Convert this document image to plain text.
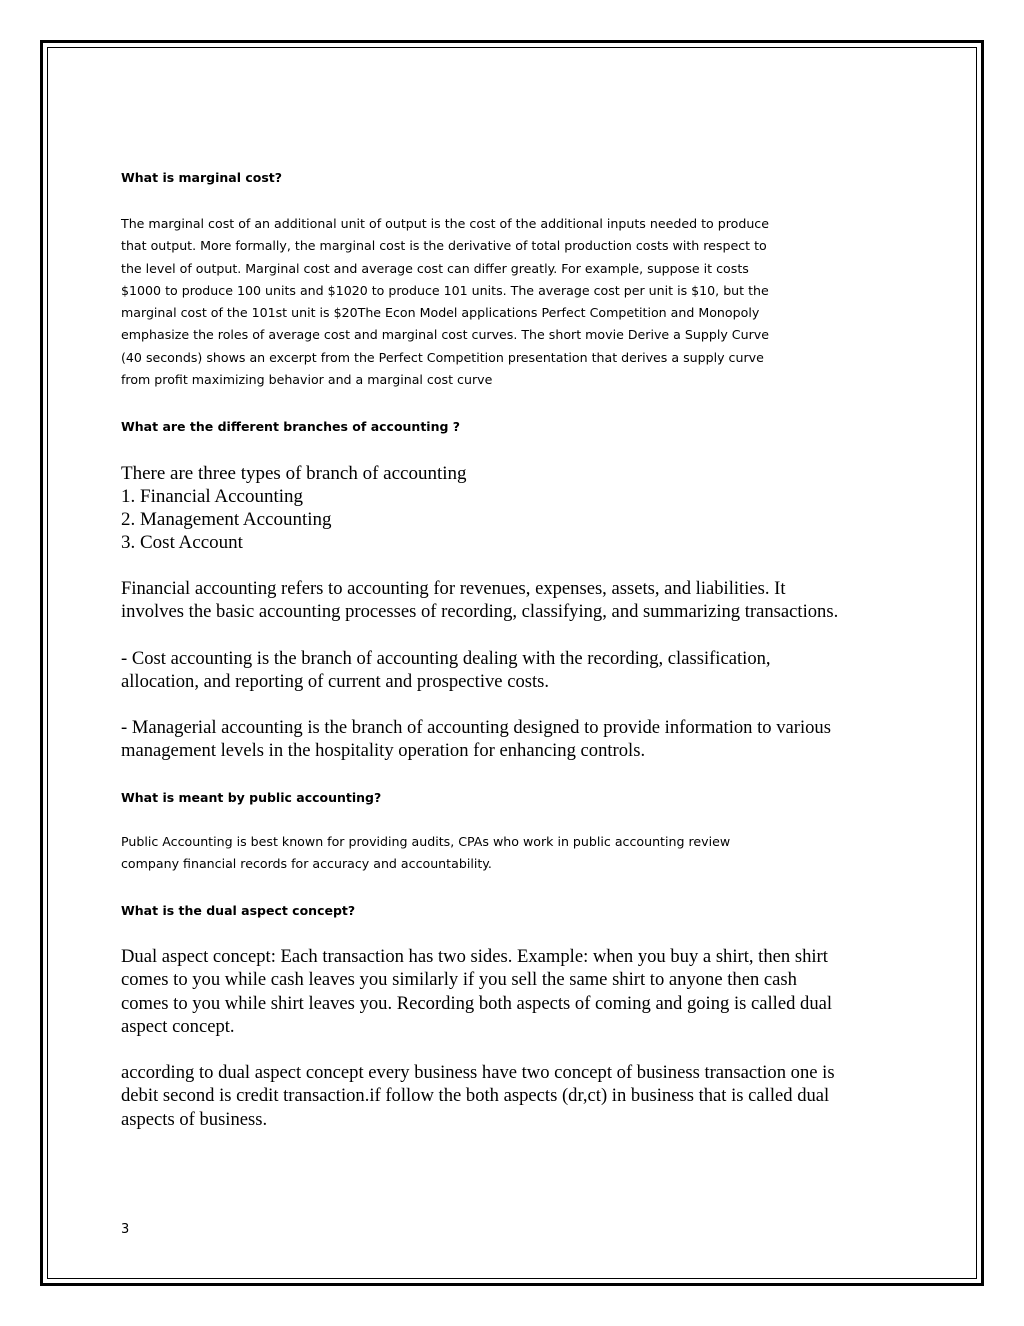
What is marginal cost?
The marginal cost of an additional unit of output is the cost of the additional inputs needed to produce
that output. More formally, the marginal cost is the derivative of total production costs with respect to
the level of output. Marginal cost and average cost can differ greatly. For example, suppose it costs
$1000 to produce 100 units and $1020 to produce 101 units. The average cost per unit is $10, but the
marginal cost of the 101st unit is $20The Econ Model applications Perfect Competition and Monopoly
emphasize the roles of average cost and marginal cost curves. The short movie Derive a Supply Curve
(40 seconds) shows an excerpt from the Perfect Competition presentation that derives a supply curve
from profit maximizing behavior and a marginal cost curve
What are the different branches of accounting ?
There are three types of branch of accounting
1. Financial Accounting
2. Management Accounting
3. Cost Account
Financial accounting refers to accounting for revenues, expenses, assets, and liabilities. It
involves the basic accounting processes of recording, classifying, and summarizing transactions.
- Cost accounting is the branch of accounting dealing with the recording, classification,
allocation, and reporting of current and prospective costs.
- Managerial accounting is the branch of accounting designed to provide information to various
management levels in the hospitality operation for enhancing controls.
What is meant by public accounting?
Public Accounting is best known for providing audits, CPAs who work in public accounting review
company financial records for accuracy and accountability.
What is the dual aspect concept?
Dual aspect concept: Each transaction has two sides. Example: when you buy a shirt, then shirt
comes to you while cash leaves you similarly if you sell the same shirt to anyone then cash
comes to you while shirt leaves you. Recording both aspects of coming and going is called dual
aspect concept.
according to dual aspect concept every business have two concept of business transaction one is
debit second is credit transaction.if follow the both aspects (dr,ct) in business that is called dual
aspects of business.
3
